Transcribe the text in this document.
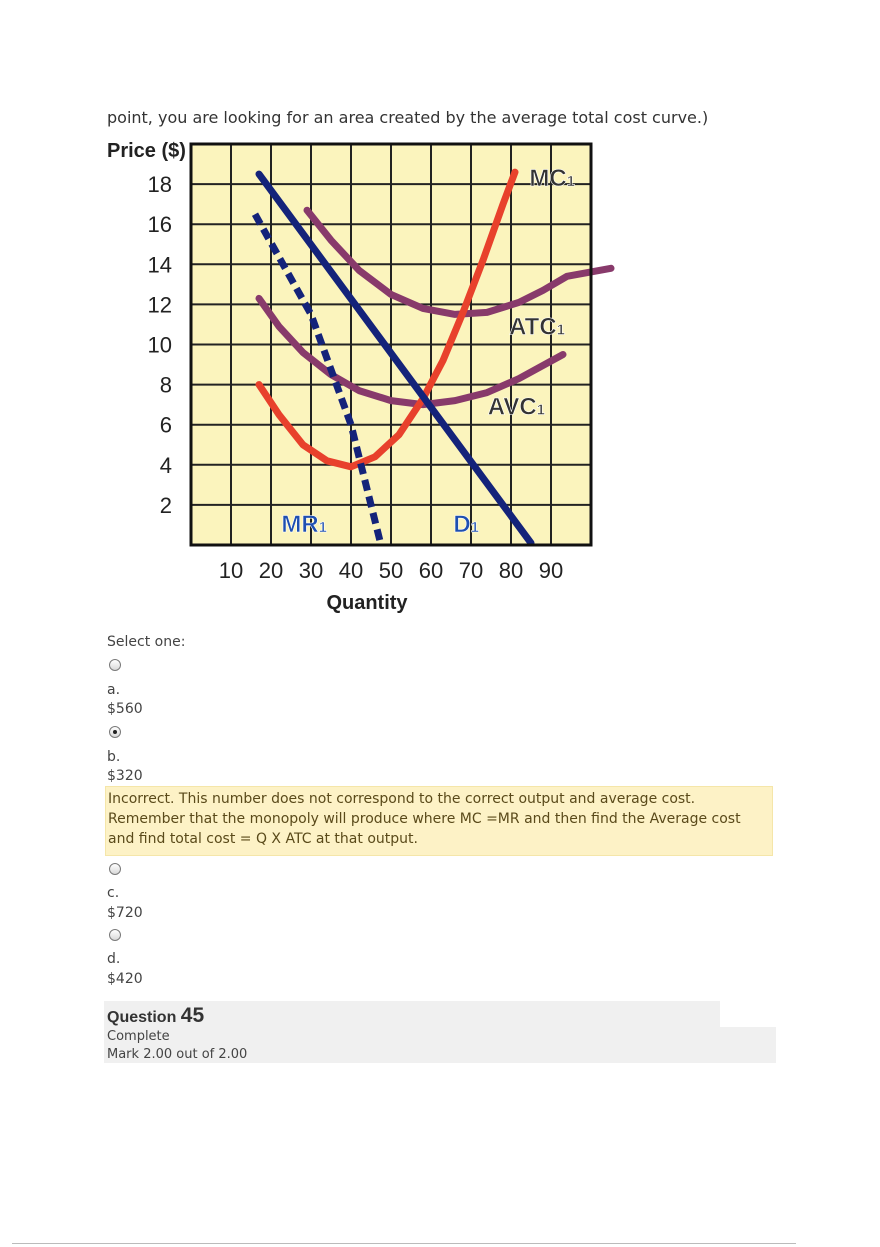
point, you are looking for an area created by the average total cost curve.)

MC1
ATC1
AVC1
D1
MR1
Price ($)
18
16
14
12
10
8
6
4
2
10 20 30 40 50 60 70 80 90
Quantity
Select one:
a.
$560
b.
$320
Incorrect. This number does not correspond to the correct output and average cost. Remember that the monopoly will produce where MC =MR and then find the Average cost and find total cost = Q X ATC at that output.
c.
$720
d.
$420
Question 45
Complete
Mark 2.00 out of 2.00
